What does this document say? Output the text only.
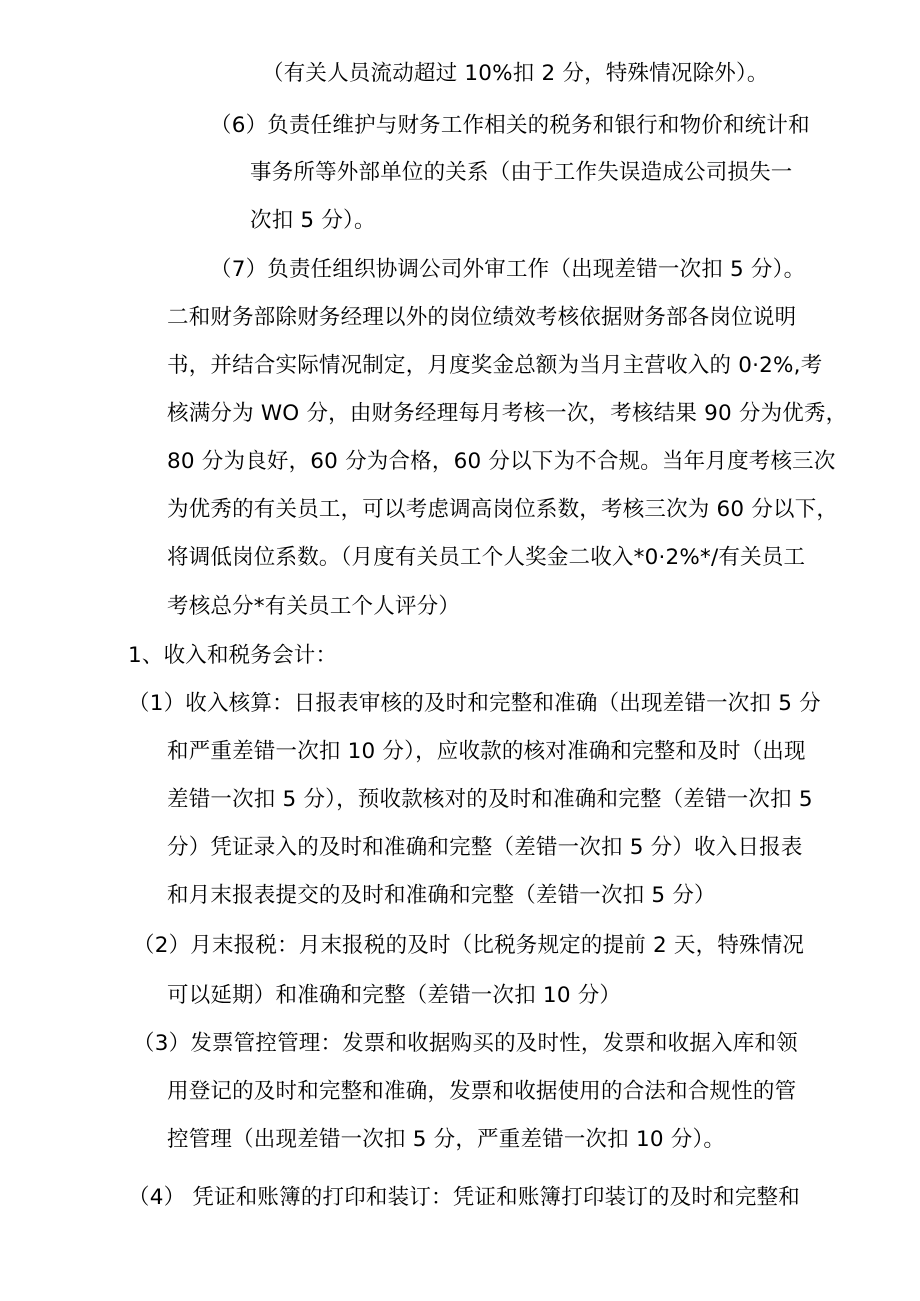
（有关人员流动超过 10%扣 2 分，特殊情况除外）。

（6）负责任维护与财务工作相关的税务和银行和物价和统计和

事务所等外部单位的关系（由于工作失误造成公司损失一

次扣 5 分）。

（7）负责任组织协调公司外审工作（出现差错一次扣 5 分）。

二和财务部除财务经理以外的岗位绩效考核依据财务部各岗位说明

书，并结合实际情况制定，月度奖金总额为当月主营收入的 0·2%,考

核满分为 WO 分，由财务经理每月考核一次，考核结果 90 分为优秀，

80 分为良好，60 分为合格，60 分以下为不合规。当年月度考核三次

为优秀的有关员工，可以考虑调高岗位系数，考核三次为 60 分以下，

将调低岗位系数。（月度有关员工个人奖金二收入*0·2%*/有关员工

考核总分*有关员工个人评分）

1、收入和税务会计：

（1）收入核算：日报表审核的及时和完整和准确（出现差错一次扣 5 分

和严重差错一次扣 10 分），应收款的核对准确和完整和及时（出现

差错一次扣 5 分），预收款核对的及时和准确和完整（差错一次扣 5

分）凭证录入的及时和准确和完整（差错一次扣 5 分）收入日报表

和月末报表提交的及时和准确和完整（差错一次扣 5 分）

（2）月末报税：月末报税的及时（比税务规定的提前 2 天，特殊情况

可以延期）和准确和完整（差错一次扣 10 分）

（3）发票管控管理：发票和收据购买的及时性，发票和收据入库和领

用登记的及时和完整和准确，发票和收据使用的合法和合规性的管

控管理（出现差错一次扣 5 分，严重差错一次扣 10 分）。

（4） 凭证和账簿的打印和装订：凭证和账簿打印装订的及时和完整和
